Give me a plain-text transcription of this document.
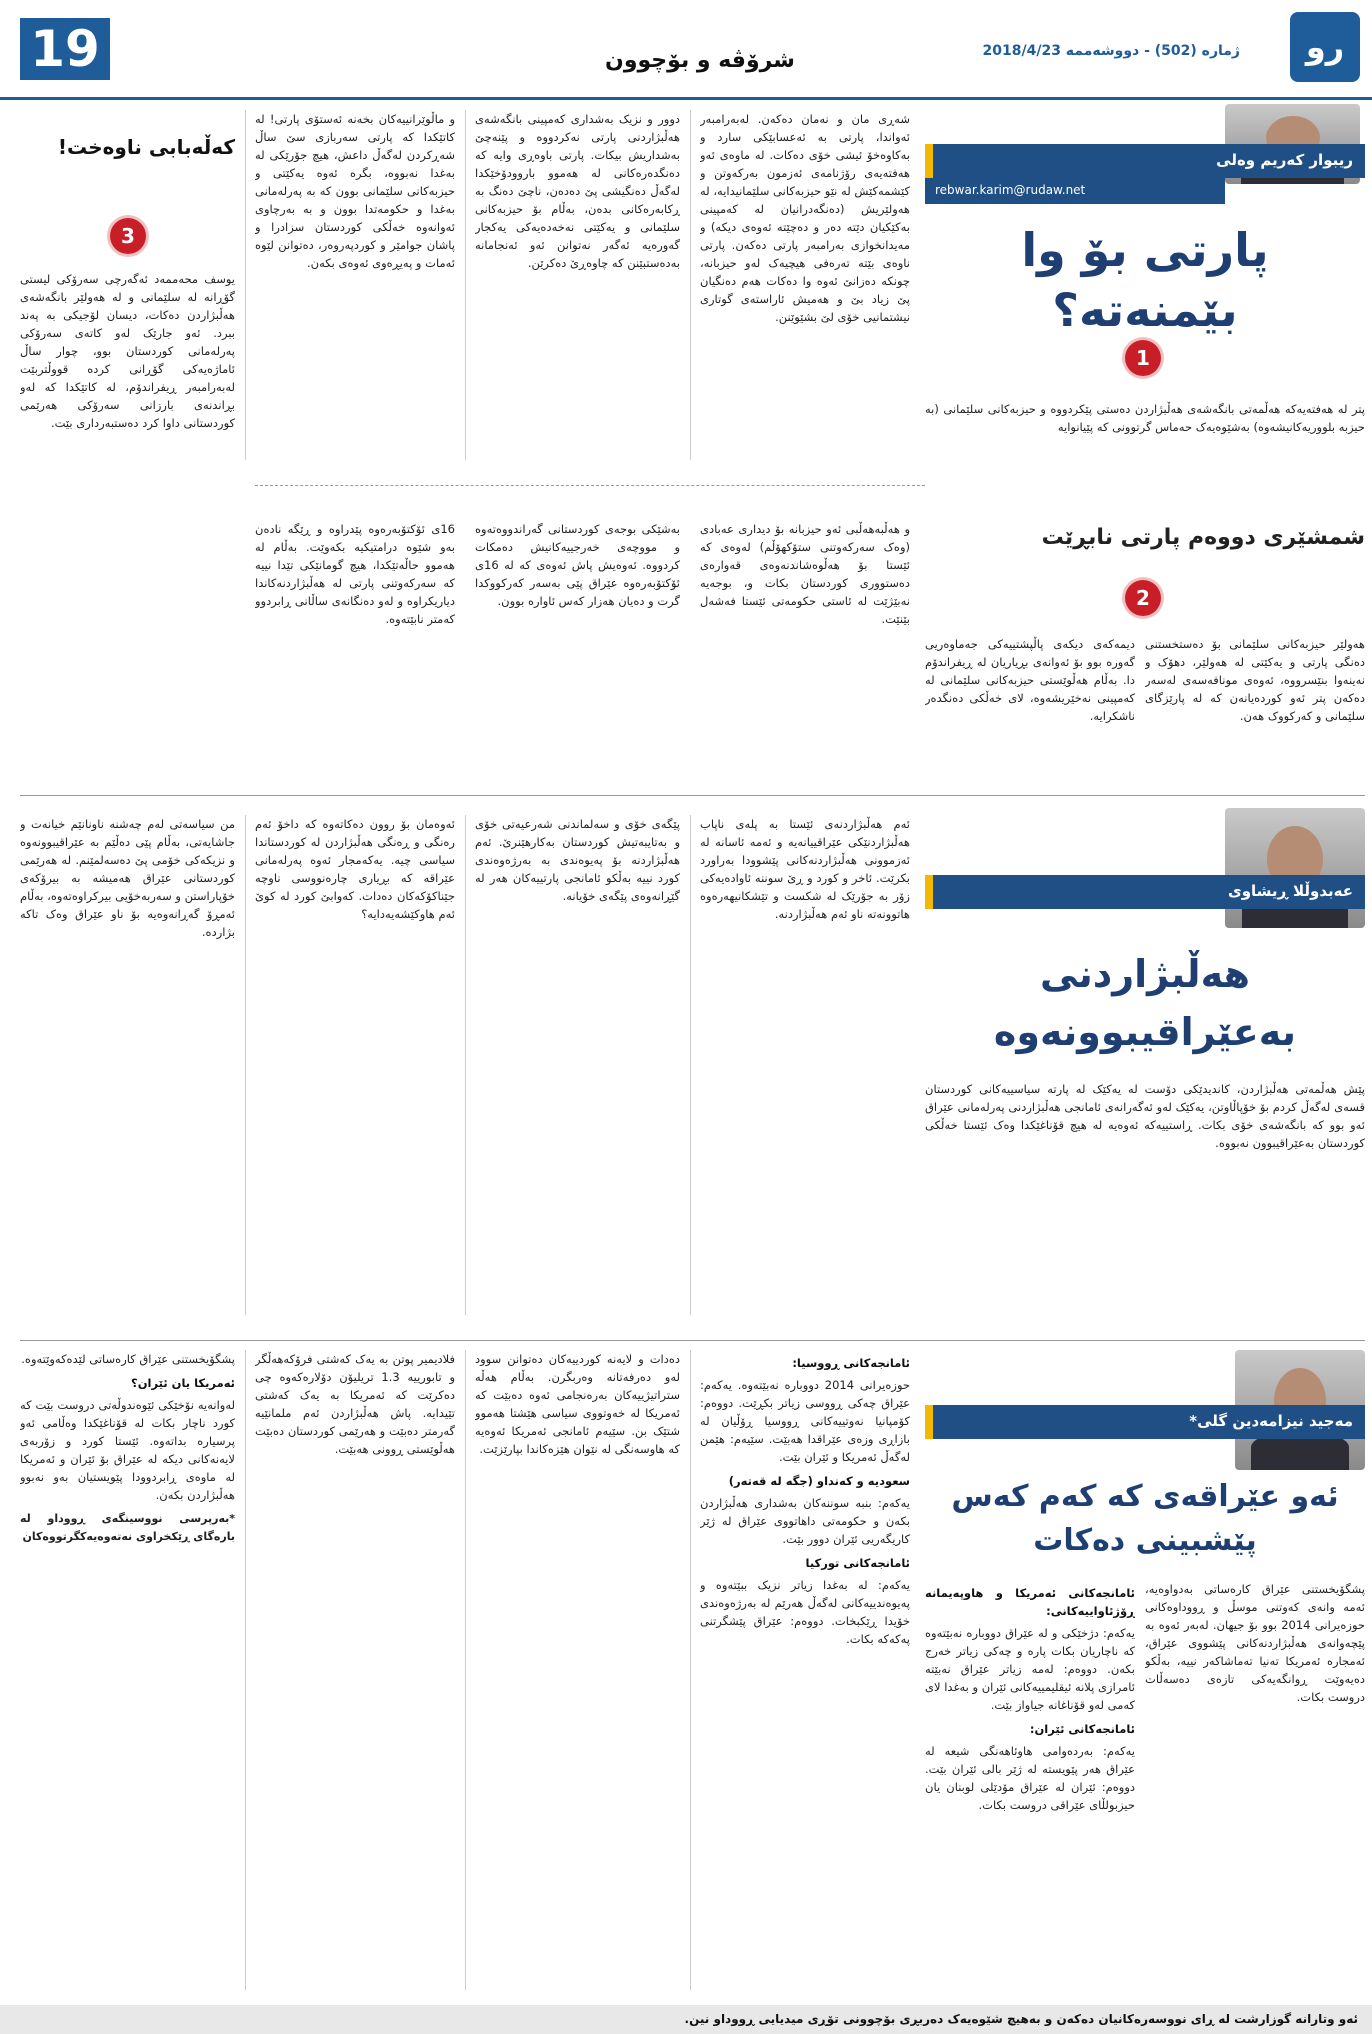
19	شرۆڤە و بۆچوون	ژمارە (502) - دووشەممە 2018/4/23	رو
ریبوار کەریم وەلی
rebwar.karim@rudaw.net
پارتی بۆ وا بێمنەتە؟
1
پتر لە هەفتەیەکە هەڵمەتی بانگەشەی هەڵبژاردن دەستی پێکردووە و حیزبەکانی سلێمانی (بە حیزبە بلووریەکانیشەوە) بەشێوەیەک حەماس گرتوونی کە پێیانوایە
شەڕی مان و نەمان دەکەن. لەبەرامبەر ئەواندا، پارتی بە ئەعسابێکی سارد و بەکاوەخۆ ئیشی خۆی دەکات. لە ماوەی ئەو هەفتەیەی رۆژنامەی ئەزمون بەرکەوتن و کێشمەکێش لە نێو حیزبەکانی سلێمانیدایە، لە هەولێریش (دەنگەدرانیان لە کەمپینی بەکێکیان دێتە دەر و دەچێتە ئەوەی دیکە) و مەیدانخوازی بەرامبەر پارتی دەکەن. پارتی ناوەی بێتە تەرەفی هیچیەک لەو حیزبانە، چونکە دەزانێ ئەوە وا دەکات هەم دەنگیان پێ زیاد بێ و هەمیش ئاراستەی گوتاری نیشتمانیی خۆی لێ بشێوێنن.
دوور و نزیک بەشداری کەمپینی بانگەشەی هەڵبژاردنی پارتی نەکردووە و پێنەچێ بەشداریش بیکات. پارتی باوەڕی وایە کە دەنگدەرەکانی لە هەموو باروودۆخێکدا لەگەڵ دەنگیشی پێ دەدەن، ناچێ دەنگ بە ڕکابەرەکانی بدەن، بەڵام بۆ حیزبەکانی سلێمانی و یەکێتی نەخەدەیەکی یەکجار گەورەیە ئەگەر نەتوانن ئەو ئەنجامانە بەدەستبێنن کە چاوەڕێ دەکرێن.
و ماڵوێرانییەکان بخەنە ئەستۆی پارتی! لە کاتێکدا کە پارتی سەربازی سێ ساڵ شەڕکردن لەگەڵ داعش، هیچ جۆرێکی لە بەغدا نەبووە، بگرە ئەوە یەکێتی و حیزبەکانی سلێمانی بوون کە بە پەرلەمانی بەغدا و حکومەتدا بوون و بە بەرچاوی ئەوانەوە خەڵکی کوردستان سزادرا و پاشان جوامێر و کوردپەروەر، دەتوانن لێوە ئەمات و پەیڕەوی ئەوەی بکەن.
کەڵەبابی ناوەخت!
3
یوسف محەممەد ئەگەرچی سەرۆکی لیستی گۆڕانە لە سلێمانی و لە هەولێر بانگەشەی هەڵبژاردن دەکات، دیسان لۆجیکی بە پەند ببرد. ئەو جارێک لەو کاتەی سەرۆکی پەرلەمانی کوردستان بوو، چوار ساڵ ئاماژەیەکی گۆڕانی کردە قووڵتربێت لەبەرامبەر ڕیفراندۆم، لە کاتێکدا کە لەو بڕاندنەی بارزانی سەرۆکی هەرێمی کوردستانی داوا کرد دەستبەرداری بێت.
شمشێری دووەم پارتی نابڕێت
2
هەولێر حیزبەکانی سلێمانی بۆ دەستخستنی دەنگی پارتی و یەکێتی لە هەولێر، دهۆک و نەینەوا بنێسرووە، ئەوەی مونافەسەی لەسەر دەکەن پتر ئەو کوردەیانەن کە لە پارێزگای سلێمانی و کەرکووک هەن.
دیمەکەی دیکەی پاڵپشتییەکی جەماوەریی گەورە بوو بۆ ئەوانەی بڕیاریان لە ڕیفراندۆم دا. بەڵام هەڵوێستی حیزبەکانی سلێمانی لە کەمپینی نەخێریشەوە، لای خەڵکی دەنگدەر ناشکرایە.
و هەڵبەهەڵبی ئەو حیزبانە بۆ دیداری عەبادی (وەک سەرکەوتنی ستۆکهۆڵم) لەوەی کە ئێستا بۆ هەڵوەشاندنەوەی قەوارەی دەستووری کوردستان بکات و، بوجەیە نەبێژێت لە ئاستی حکومەتی ئێستا فەشەل بێنێت.
بەشێکی بوجەی کوردستانی گەراندووەتەوە و مووچەی خەرجییەکانیش دەمکات کردووە. ئەوەیش پاش ئەوەی کە لە 16ی ئۆکتۆبەرەوە عێراق پێی بەسەر کەرکووکدا گرت و دەیان هەزار کەس ئاوارە بوون.
16ی ئۆکتۆبەرەوە پێدراوە و ڕێگە نادەن بەو شێوە درامتیکیە بکەوێت. بەڵام لە هەموو حاڵەتێکدا، هیچ گومانێکی تێدا نییە کە سەرکەوتنی پارتی لە هەڵبژاردنەکاندا دیاریکراوە و لەو دەنگانەی ساڵانی ڕابردوو کەمتر نابێتەوە.
عەبدوڵلا ڕیشاوی
هەڵبژاردنی
بەعێراقیبوونەوە
پێش هەڵمەتی هەڵبژاردن، کاندیدێکی دۆست لە یەکێک لە پارتە سیاسییەکانی کوردستان قسەی لەگەڵ کردم بۆ خۆپاڵاوتن، یەکێک لەو ئەگەرانەی ئامانجی هەڵبژاردنی پەرلەمانی عێراق ئەو بوو کە بانگەشەی خۆی بکات. ڕاستییەکە ئەوەیە لە هیچ قۆناغێکدا وەک ئێستا خەڵکی کوردستان بەعێراقیبوون نەبووە.
ئەم هەڵبژاردنەی ئێستا بە پلەی ناپاب هەڵبژاردنێکی عێراقییانەیە و ئەمە ئاسانە لە ئەزموونی هەڵبژاردنەکانی پێشوودا بەراورد بکرێت. ئاخر و کورد و ڕێ سوننە ئاوادەیەکی زۆر بە جۆرێک لە شکست و تێشکانیهەرەوە هاتوونەتە ناو ئەم هەڵبژاردنە.
پێگەی خۆی و سەلماندنی شەرعیەتی خۆی و بەتایبەتیش کوردستان بەکارهێنرێ. ئەم هەڵبژاردنە بۆ پەیوەندی بە بەرژەوەندی کورد نییە بەڵکو ئامانجی پارتییەکان هەر لە گێڕانەوەی پێگەی خۆیانە.
ئەوەمان بۆ روون دەکاتەوە کە داخۆ ئەم رەنگی و ڕەنگی هەڵبژاردن لە کوردستاندا سیاسی چیە. یەکەمجار ئەوە پەرلەمانی عێراقە کە بڕیاری چارەنووسی ناوچە جێناکۆکەکان دەدات. کەوابێ کورد لە کوێ ئەم هاوکێشەیەدایە؟
من سیاسەتی لەم چەشنە ناونانێم خیانەت و جاشایەتی، بەڵام پێی دەڵێم بە عێراقیبوونەوە و نزیکەکی خۆمی پێ دەسەلمێنم. لە هەرێمی کوردستانی عێراق هەمیشە بە بیرۆکەی خۆپاراستن و سەربەخۆیی بیرکراوەتەوە، بەڵام ئەمڕۆ گەڕانەوەیە بۆ ناو عێراق وەک تاکە بژاردە.
مەجید نیزامەدین گلی*
ئەو عێراقەی کە کەم کەس
پێشبینی دەکات
پشگۆیخستنی عێراق کارەساتی بەدواوەیە، ئەمە وانەی کەوتنی موسڵ و ڕووداوەکانی حوزەیرانی 2014 بوو بۆ جیهان. لەبەر ئەوە بە پێچەوانەی هەڵبژاردنەکانی پێشووی عێراق، ئەمجارە ئەمریکا تەنیا تەماشاکەر نییە، بەڵکو دەیەوێت ڕوانگەیەکی تازەی دەسەڵات دروست بکات.
ئامانجەکانی ئەمریکا و هاوپەیمانە ڕۆژئاواییەکانی:

یەکەم: دژخێکی و لە عێراق دووبارە نەبێتەوە کە ناچاریان بکات پارە و چەکی زیاتر خەرج بکەن. دووەم: لەمە زیاتر عێراق نەبێتە ئامرازی پلانە ئیقلیمییەکانی ئێران و بەغدا لای کەمی لەو قۆناغانە جیاواز بێت.

ئامانجەکانی ئێران:

یەکەم: بەردەوامی هاوئاهەنگی شیعە لە عێراق هەر پێویستە لە ژێر بالی ئێران بێت. دووەم: ئێران لە عێراق مۆدێلی لوبنان یان حیزبولڵای عێراقی دروست بکات.

ئامانجەکانی ڕووسیا:

حوزەیرانی 2014 دووبارە نەبێتەوە. یەکەم: عێراق چەکی ڕووسی زیاتر بکڕێت. دووەم: کۆمپانیا نەوتییەکانی ڕووسیا ڕۆڵیان لە بازاڕی وزەی عێراقدا هەبێت. سێیەم: هێمن لەگەڵ ئەمریکا و ئێران بێت.

سعودیە و کەنداو (جگە لە قەتەر)

یەکەم: بنبە سوننەکان بەشداری هەڵبژاردن بکەن و حکومەتی داهاتووی عێراق لە ژێر کاریگەریی ئێران دوور بێت.

ئامانجەکانی تورکیا

یەکەم: لە بەغدا زیاتر نزیک ببێتەوە و پەیوەندییەکانی لەگەڵ هەرێم لە بەرژەوەندی خۆیدا ڕێکبخات. دووەم: عێراق پێشگرتنی پەکەکە بکات.

دەدات و لایەنە کوردییەکان دەتوانن سوود لەو دەرفەتانە وەربگرن. بەڵام هەڵە ستراتیژییەکان بەرەنجامی ئەوە دەبێت کە ئەمریکا لە خەوتووی سیاسی هێشتا هەموو شتێک بن. سێیەم ئامانجی ئەمریکا ئەوەیە کە هاوسەنگی لە نێوان هێزەکاندا بپارێزێت.
فلادیمیر پوتن بە یەک کەشتی فرۆکەهەڵگر و تابورییە 1.3 تریلیۆن دۆلارەکەوە چی دەکرێت کە ئەمریکا بە یەک کەشتی تێیدایە. پاش هەڵبژاردن ئەم ملمانێیە گەرمتر دەبێت و هەرێمی کوردستان دەبێت هەڵوێستی ڕوونی هەبێت.

پشگۆیخستنی عێراق کارەساتی لێدەکەوێتەوە.

ئەمریکا یان ئێران؟

لەوانەیە نۆخێکی ئێوەندوڵەتی دروست بێت کە کورد ناچار بکات لە قۆناغێکدا وەڵامی ئەو پرسیارە بداتەوە. ئێستا کورد و زۆربەی لایەنەکانی دیکە لە عێراق بۆ ئێران و ئەمریکا لە ماوەی ڕابردوودا پێویستیان بەو نەبوو هەڵبژاردن بکەن.

*بەرپرسی نووسینگەی ڕووداو لە بارەگای ڕێکخراوی نەتەوەیەکگرتووەکان

ئەو وتارانە گوزارشت لە ڕای نووسەرەکانیان دەکەن و بەهیچ شێوەیەک دەربڕی بۆچوونی تۆڕی میدیایی ڕووداو نین.
